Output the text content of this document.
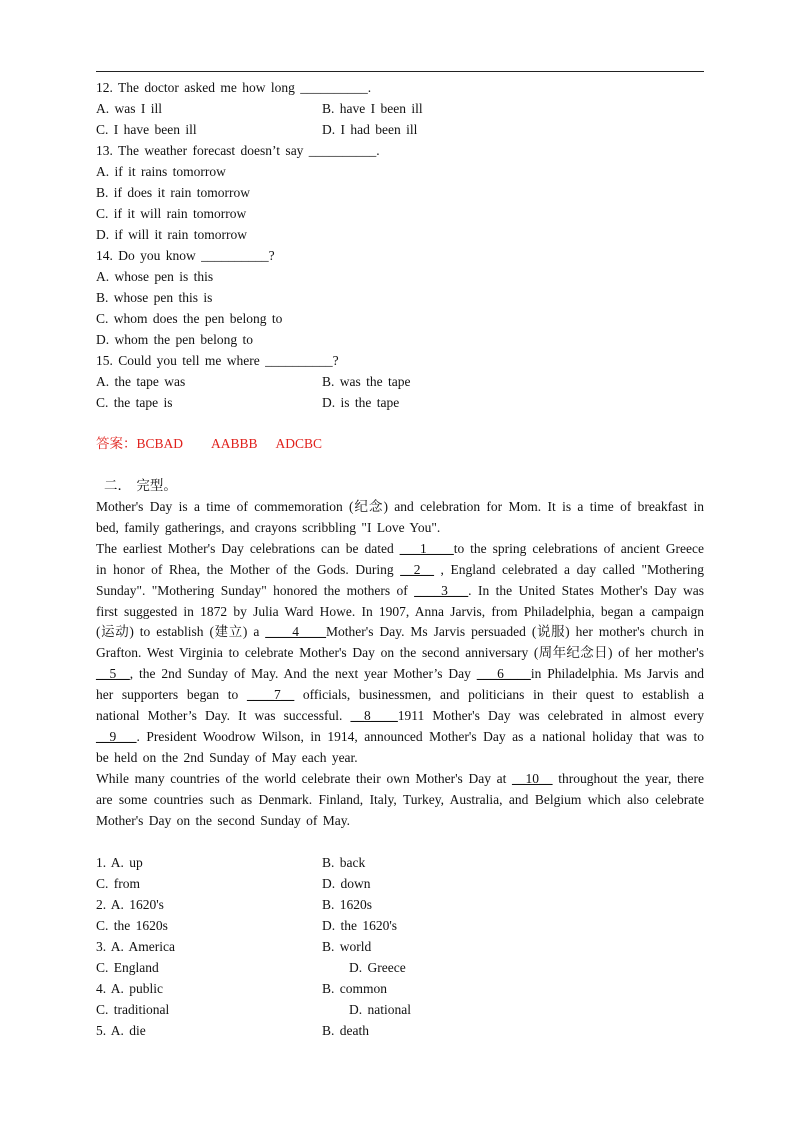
12. The doctor asked me how long __________.
A. was I ill	B. have I been ill
C. I have been ill	D. I had been ill
13. The weather forecast doesn’t say __________.
A. if it rains tomorrow
B. if does it rain tomorrow
C. if it will rain tomorrow
D. if will it rain tomorrow
14. Do you know __________?
A. whose pen is this
B. whose pen this is
C. whom does the pen belong to
D. whom the pen belong to
15. Could you tell me where __________?
A. the tape was	B. was the tape
C. the tape is	D. is the tape
答案：BCBAD AABBB ADCBC
二． 完型。

Mother's Day is a time of commemoration (纪念) and celebration for Mom. It is a time of breakfast in bed, family gatherings, and crayons scribbling "I Love You".

The earliest Mother's Day celebrations can be dated ___1____to the spring celebrations of ancient Greece in honor of Rhea, the Mother of the Gods. During __2__ , England celebrated a day called "Mothering Sunday". "Mothering Sunday" honored the mothers of ____3___. In the United States Mother's Day was first suggested in 1872 by Julia Ward Howe. In 1907, Anna Jarvis, from Philadelphia, began a campaign (运动) to establish (建立) a ____4____Mother's Day. Ms Jarvis persuaded (说服) her mother's church in Grafton. West Virginia to celebrate Mother's Day on the second anniversary (周年纪念日) of her mother's __5__, the 2nd Sunday of May. And the next year Mother’s Day ___6____in Philadelphia. Ms Jarvis and her supporters began to ____7__ officials, businessmen, and politicians in their quest to establish a national Mother’s Day. It was successful. __8____1911 Mother's Day was celebrated in almost every __9___. President Woodrow Wilson, in 1914, announced Mother's Day as a national holiday that was to be held on the 2nd Sunday of May each year.

While many countries of the world celebrate their own Mother's Day at __10__ throughout the year, there are some countries such as Denmark. Finland, Italy, Turkey, Australia, and Belgium which also celebrate Mother's Day on the second Sunday of May.

1. A. up	B. back
C. from	D. down
2. A. 1620's	B. 1620s
C. the 1620s	D. the 1620's
3. A. America	B. world
C. England	D. Greece
4. A. public	B. common
C. traditional	D. national
5. A. die	B. death
